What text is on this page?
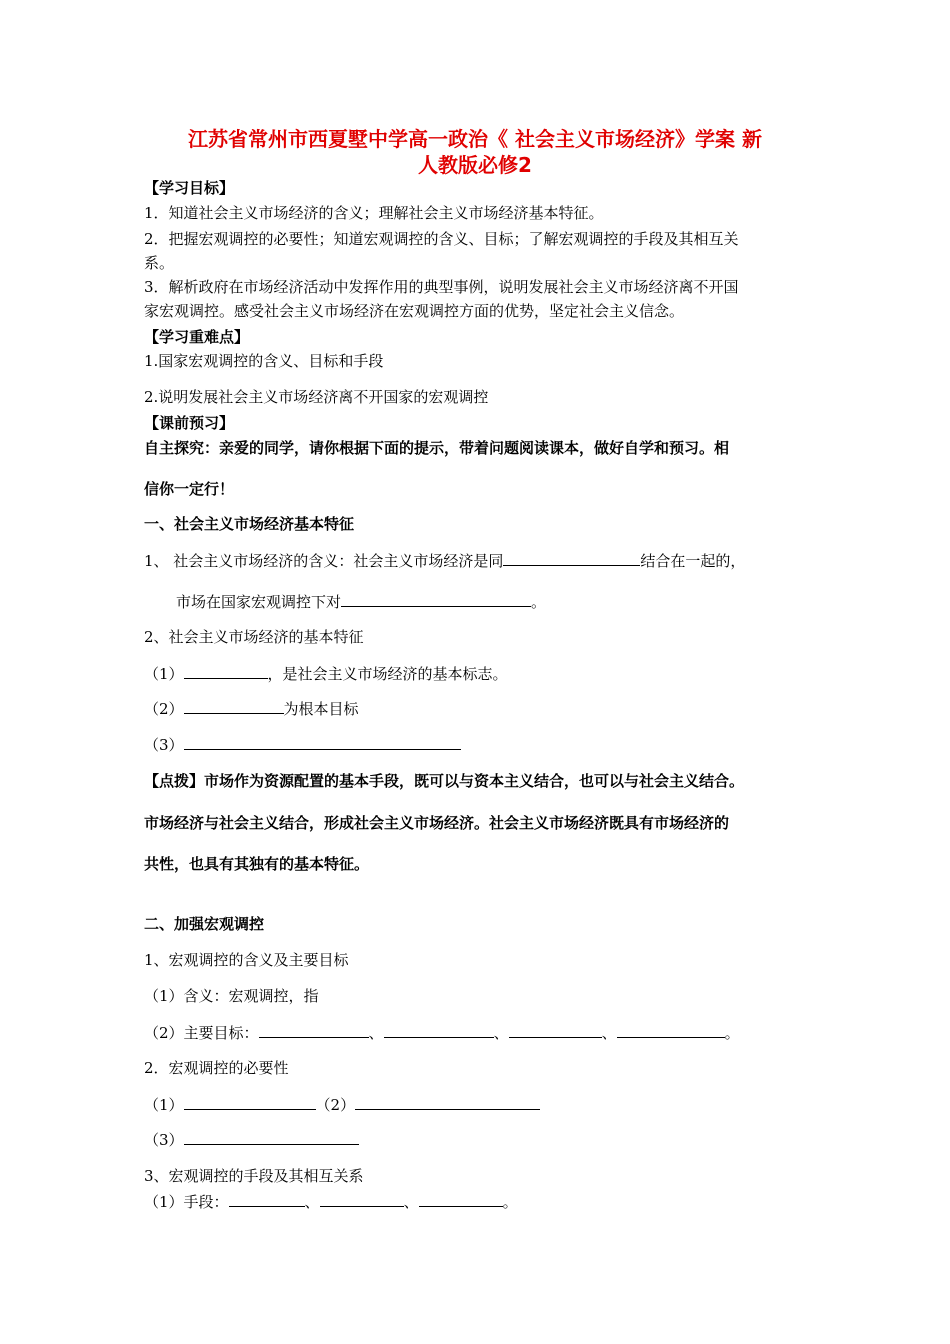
江苏省常州市西夏墅中学高一政治《 社会主义市场经济》学案 新
人教版必修2
【学习目标】
1．知道社会主义市场经济的含义；理解社会主义市场经济基本特征。
2．把握宏观调控的必要性；知道宏观调控的含义、目标；了解宏观调控的手段及其相互关
系。
3．解析政府在市场经济活动中发挥作用的典型事例，说明发展社会主义市场经济离不开国
家宏观调控。感受社会主义市场经济在宏观调控方面的优势，坚定社会主义信念。
【学习重难点】
1.国家宏观调控的含义、目标和手段
2.说明发展社会主义市场经济离不开国家的宏观调控
【课前预习】
自主探究：亲爱的同学，请你根据下面的提示，带着问题阅读课本，做好自学和预习。相
信你一定行！
一、社会主义市场经济基本特征
1、 社会主义市场经济的含义：社会主义市场经济是同	结合在一起的，
市场在国家宏观调控下对	。
2、社会主义市场经济的基本特征
（1）	，是社会主义市场经济的基本标志。
（2）	为根本目标
（3）
【点拨】市场作为资源配置的基本手段，既可以与资本主义结合，也可以与社会主义结合。
市场经济与社会主义结合，形成社会主义市场经济。社会主义市场经济既具有市场经济的
共性，也具有其独有的基本特征。
二、加强宏观调控
1、宏观调控的含义及主要目标
（1）含义：宏观调控，指
（2）主要目标：	、	、	、	。
2．宏观调控的必要性
（1）	（2）
（3）
3、宏观调控的手段及其相互关系
（1）手段：	、	、	。
